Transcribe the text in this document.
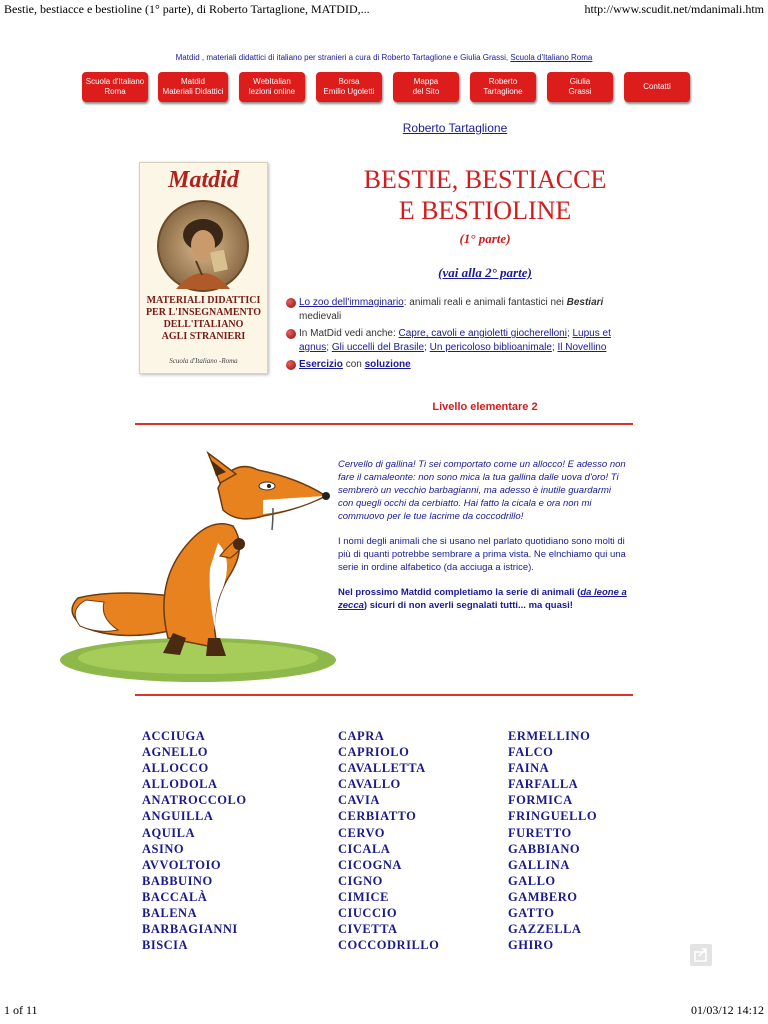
Bestie, bestiacce e bestioline (1° parte), di Roberto Tartaglione, MATDID,...	http://www.scudit.net/mdanimali.htm
Matdid , materiali didattici di italiano per stranieri a cura di Roberto Tartaglione e Giulia Grassi, Scuola d'Italiano Roma
Scuola d'Italiano
Roma
Matdid
Materiali Didattici
WebItalian
lezioni online
Borsa
Emilio Ugoletti
Mappa
del Sito
Roberto
Tartaglione
Giulia
Grassi
Contatti
Roberto Tartaglione
Matdid
MATERIALI DIDATTICI
PER L'INSEGNAMENTO
DELL'ITALIANO
AGLI STRANIERI
Scuola d'Italiano -Roma
BESTIE, BESTIACCE
E BESTIOLINE
(1° parte)
(vai alla 2° parte)
Lo zoo dell'immaginario: animali reali e animali fantastici nei Bestiari medievali
In MatDid vedi anche: Capre, cavoli e angioletti giocherelloni; Lupus et agnus; Gli uccelli del Brasile; Un pericoloso biblioanimale; Il Novellino
Esercizio con soluzione
Livello elementare 2

Cervello di gallina! Ti sei comportato come un allocco! E adesso non fare il camaleonte: non sono mica la tua gallina dalle uova d'oro! Ti sembrerò un vecchio barbagianni, ma adesso è inutile guardarmi con quegli occhi da cerbiatto. Hai fatto la cicala e ora non mi commuovo per le tue lacrime da coccodrillo!

I nomi degli animali che si usano nel parlato quotidiano sono molti di più di quanti potrebbe sembrare a prima vista. Ne elnchiamo qui una serie in ordine alfabetico (da acciuga a istrice).

Nel prossimo Matdid completiamo la serie di animali (da leone a zecca) sicuri di non averli segnalati tutti... ma quasi!

ACCIUGA
AGNELLO
ALLOCCO
ALLODOLA
ANATROCCOLO
ANGUILLA
AQUILA
ASINO
AVVOLTOIO
BABBUINO
BACCALÀ
BALENA
BARBAGIANNI
BISCIA
CAPRA
CAPRIOLO
CAVALLETTA
CAVALLO
CAVIA
CERBIATTO
CERVO
CICALA
CICOGNA
CIGNO
CIMICE
CIUCCIO
CIVETTA
COCCODRILLO
ERMELLINO
FALCO
FAINA
FARFALLA
FORMICA
FRINGUELLO
FURETTO
GABBIANO
GALLINA
GALLO
GAMBERO
GATTO
GAZZELLA
GHIRO
1 of 11	01/03/12 14:12
